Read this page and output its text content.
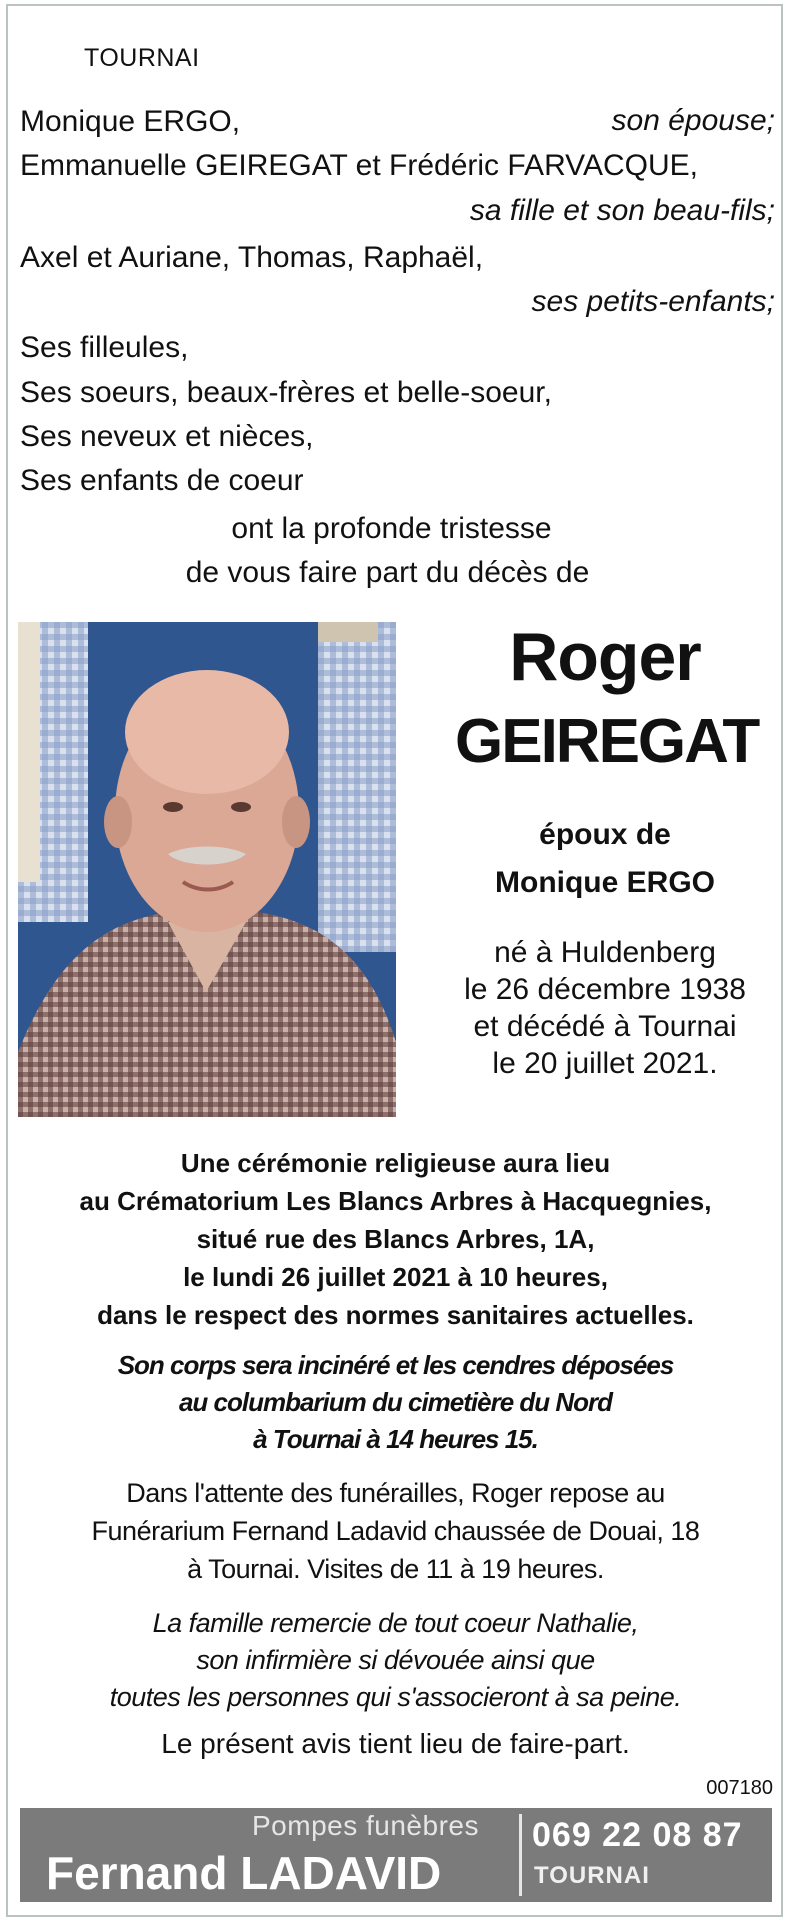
TOURNAI
Monique ERGO,	son épouse;
Emmanuelle GEIREGAT et Frédéric FARVACQUE,
sa fille et son beau-fils;
Axel et Auriane, Thomas, Raphaël,
ses petits-enfants;
Ses filleules,
Ses soeurs, beaux-frères et belle-soeur,
Ses neveux et nièces,
Ses enfants de coeur
ont la profonde tristesse
de vous faire part du décès de
Roger
GEIREGAT
époux de
Monique ERGO
né à Huldenberg
le 26 décembre 1938
et décédé à Tournai
le 20 juillet 2021.
Une cérémonie religieuse aura lieu
au Crématorium Les Blancs Arbres à Hacquegnies,
situé rue des Blancs Arbres, 1A,
le lundi 26 juillet 2021 à 10 heures,
dans le respect des normes sanitaires actuelles.
Son corps sera incinéré et les cendres déposées
au columbarium du cimetière du Nord
à Tournai à 14 heures 15.
Dans l'attente des funérailles, Roger repose au
Funérarium Fernand Ladavid chaussée de Douai, 18
à Tournai. Visites de 11 à 19 heures.
La famille remercie de tout coeur Nathalie,
son infirmière si dévouée ainsi que
toutes les personnes qui s'associeront à sa peine.
Le présent avis tient lieu de faire-part.
007180
Pompes funèbres
Fernand LADAVID
069 22 08 87
TOURNAI
